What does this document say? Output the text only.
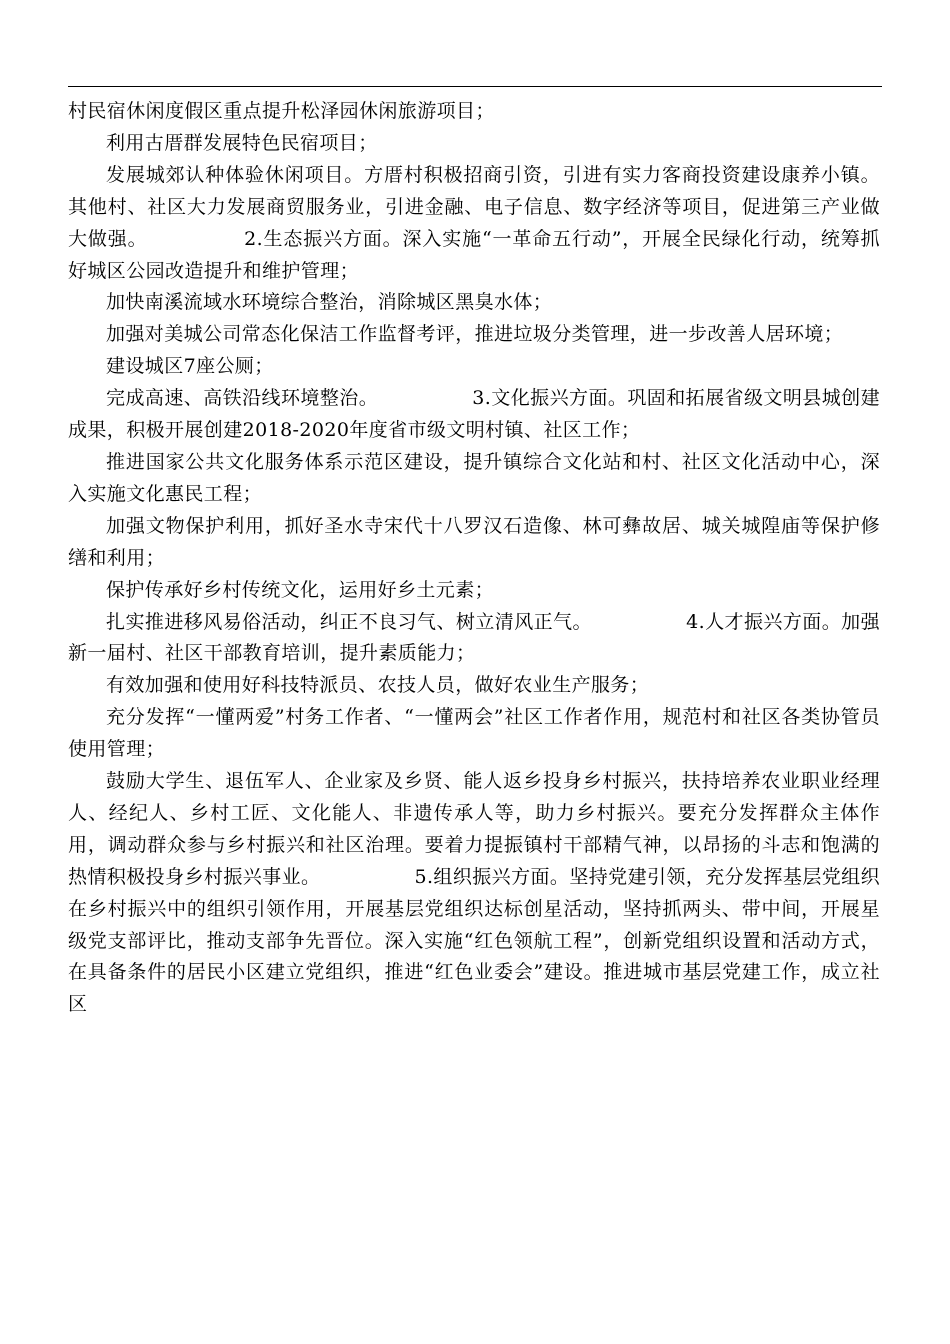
村民宿休闲度假区重点提升松泽园休闲旅游项目；

利用古厝群发展特色民宿项目；

发展城郊认种体验休闲项目。方厝村积极招商引资，引进有实力客商投资建设康养小镇。其他村、社区大力发展商贸服务业，引进金融、电子信息、数字经济等项目，促进第三产业做大做强。　　　　　 2.生态振兴方面。深入实施“一革命五行动”，开展全民绿化行动，统筹抓好城区公园改造提升和维护管理；

加快南溪流域水环境综合整治，消除城区黑臭水体；

加强对美城公司常态化保洁工作监督考评，推进垃圾分类管理，进一步改善人居环境；

建设城区7座公厕；

完成高速、高铁沿线环境整治。　　　　　 3.文化振兴方面。巩固和拓展省级文明县城创建成果，积极开展创建2018-2020年度省市级文明村镇、社区工作；

推进国家公共文化服务体系示范区建设，提升镇综合文化站和村、社区文化活动中心，深入实施文化惠民工程；

加强文物保护利用，抓好圣水寺宋代十八罗汉石造像、林可彝故居、城关城隍庙等保护修缮和利用；

保护传承好乡村传统文化，运用好乡土元素；

扎实推进移风易俗活动，纠正不良习气、树立清风正气。　　　　　 4.人才振兴方面。加强新一届村、社区干部教育培训，提升素质能力；

有效加强和使用好科技特派员、农技人员，做好农业生产服务；

充分发挥“一懂两爱”村务工作者、“一懂两会”社区工作者作用，规范村和社区各类协管员使用管理；

鼓励大学生、退伍军人、企业家及乡贤、能人返乡投身乡村振兴，扶持培养农业职业经理人、经纪人、乡村工匠、文化能人、非遗传承人等，助力乡村振兴。要充分发挥群众主体作用，调动群众参与乡村振兴和社区治理。要着力提振镇村干部精气神，以昂扬的斗志和饱满的热情积极投身乡村振兴事业。　　　　　 5.组织振兴方面。坚持党建引领，充分发挥基层党组织在乡村振兴中的组织引领作用，开展基层党组织达标创星活动，坚持抓两头、带中间，开展星级党支部评比，推动支部争先晋位。深入实施“红色领航工程”，创新党组织设置和活动方式，在具备条件的居民小区建立党组织，推进“红色业委会”建设。推进城市基层党建工作，成立社区
